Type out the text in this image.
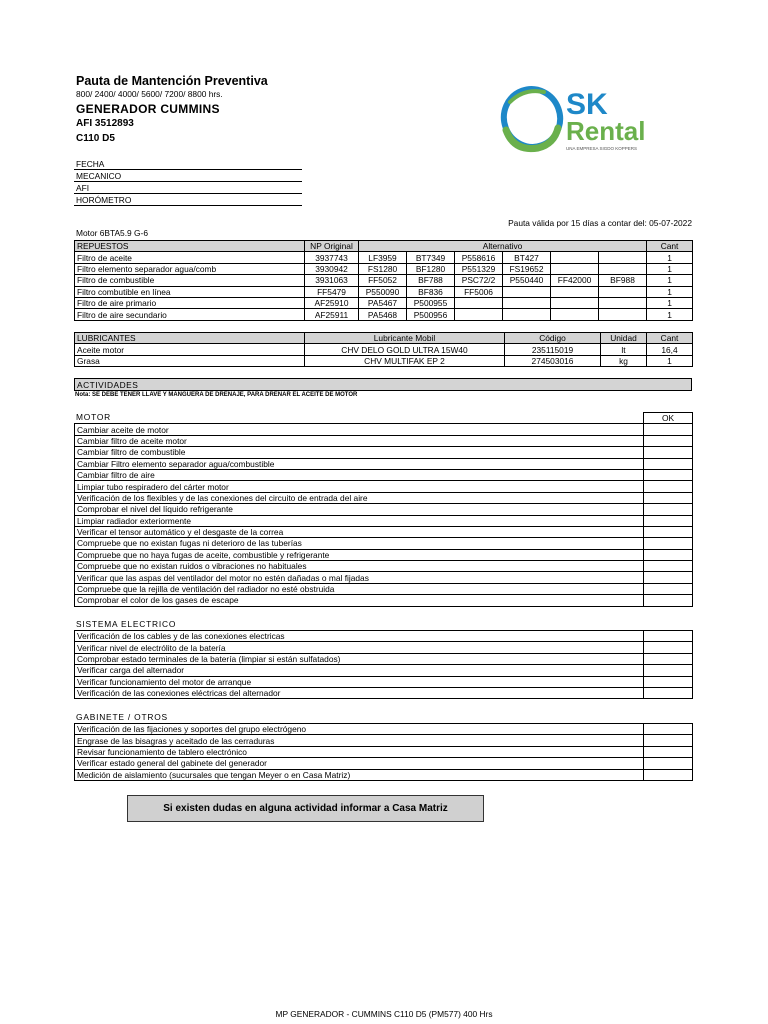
Pauta de Mantención Preventiva
800/ 2400/ 4000/ 5600/ 7200/ 8800 hrs.
GENERADOR CUMMINS
AFI 3512893
C110 D5
SK
Rental
UNA EMPRESA SIGDO KOPPERS
FECHA
MECANICO
AFI
HORÓMETRO
Pauta válida por 15 días a contar del: 05-07-2022
Motor 6BTA5.9 G-6
REPUESTOS	NP Original	Alternativo						Cant
Filtro de aceite	3937743	LF3959	BT7349	P558616	BT427			1
Filtro elemento separador agua/comb	3930942	FS1280	BF1280	P551329	FS19652			1
Filtro de combustible	3931063	FF5052	BF788	PSC72/2	P550440	FF42000	BF988	1
Filtro combutible en línea	FF5479	P550090	BF836	FF5006				1
Filtro de aire primario	AF25910	PA5467	P500955					1
Filtro de aire secundario	AF25911	PA5468	P500956					1
LUBRICANTES	Lubricante Mobil	Código	Unidad	Cant
Aceite motor	CHV DELO GOLD ULTRA 15W40	235115019	lt	16,4
Grasa	CHV MULTIFAK EP 2	274503016	kg	1
ACTIVIDADES
Nota: SE DEBE TENER LLAVE Y MANGUERA DE DRENAJE, PARA DRENAR EL ACEITE DE MOTOR
MOTOR
		OK
Cambiar aceite de motor	
Cambiar filtro de aceite motor	
Cambiar filtro de combustible	
Cambiar Filtro elemento separador agua/combustible	
Cambiar filtro de aire	
Limpiar tubo respiradero del cárter motor	
Verificación de los flexibles y de las conexiones del circuito de entrada del aire	
Comprobar el nivel del líquido refrigerante	
Limpiar radiador exteriormente	
Verificar el tensor automático y el desgaste de la correa	
Compruebe que no existan fugas ni deterioro de las tuberías	
Compruebe que no haya fugas de aceite, combustible y refrigerante	
Compruebe que no existan ruidos o vibraciones no habituales	
Verificar que las aspas del ventilador del motor no estén dañadas o mal fijadas	
Compruebe que la rejilla de ventilación del radiador no esté obstruida	
Comprobar el color de los gases de escape	
SISTEMA ELECTRICO
Verificación de los cables y de las conexiones electricas	
Verificar nivel de electrólito de la batería	
Comprobar estado terminales de la batería (limpiar si están sulfatados)	
Verificar carga del alternador	
Verificar funcionamiento del motor de arranque	
Verificación de las conexiones eléctricas del alternador	
GABINETE / OTROS
Verificación de las fijaciones y soportes del grupo electrógeno	
Engrase de las bisagras y aceitado de las cerraduras	
Revisar funcionamiento de tablero electrónico	
Verificar estado general del gabinete del generador	
Medición de aislamiento (sucursales que tengan Meyer o en Casa Matriz)	
Si existen dudas en alguna actividad informar a Casa Matriz
MP GENERADOR - CUMMINS C110 D5 (PM577) 400 Hrs
